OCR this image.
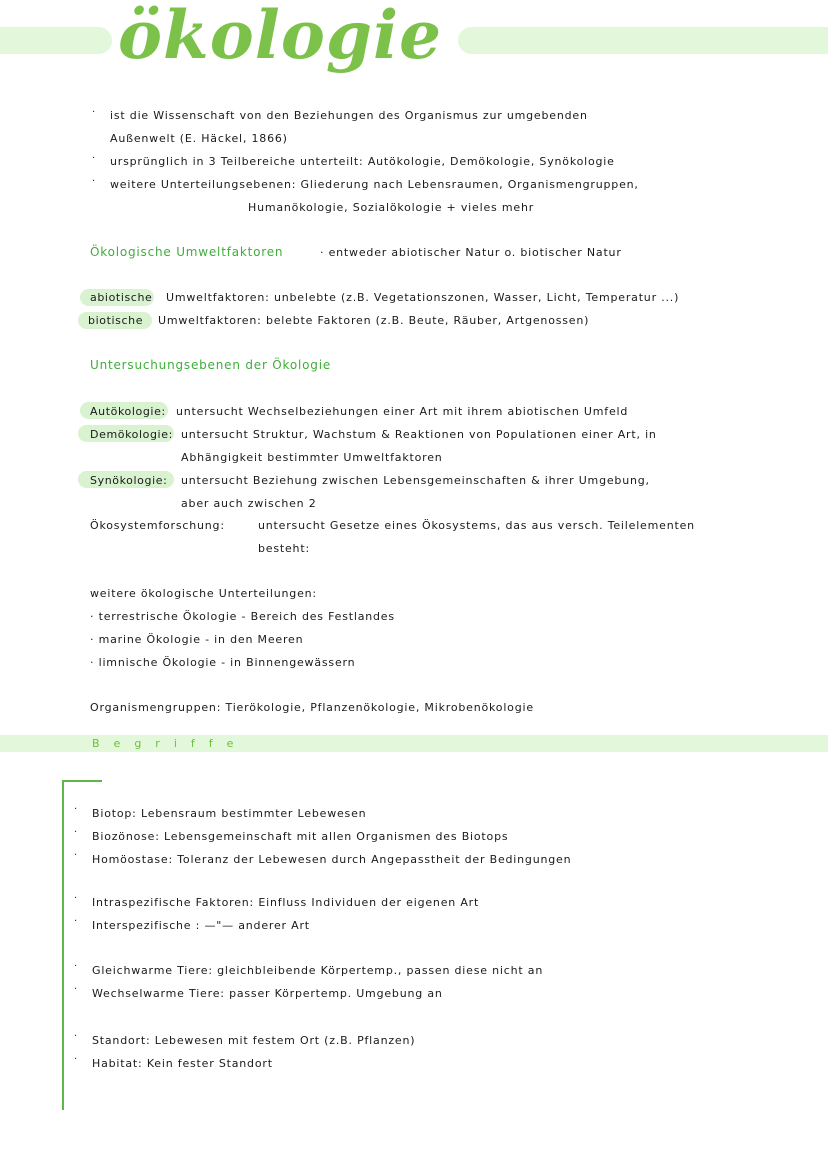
ökologie
· ist die Wissenschaft von den Beziehungen des Organismus zur umgebenden
Außenwelt (E. Häckel, 1866)
· ursprünglich in 3 Teilbereiche unterteilt: Autökologie, Demökologie, Synökologie
· weitere Unterteilungsebenen: Gliederung nach Lebensraumen, Organismengruppen,
Humanökologie, Sozialökologie + vieles mehr
Ökologische Umweltfaktoren	· entweder abiotischer Natur o. biotischer Natur
abiotische Umweltfaktoren: unbelebte (z.B. Vegetationszonen, Wasser, Licht, Temperatur ...)
biotische Umweltfaktoren: belebte Faktoren (z.B. Beute, Räuber, Artgenossen)
Untersuchungsebenen der Ökologie
Autökologie: untersucht Wechselbeziehungen einer Art mit ihrem abiotischen Umfeld
Demökologie: untersucht Struktur, Wachstum & Reaktionen von Populationen einer Art, in
Abhängigkeit bestimmter Umweltfaktoren
Synökologie: untersucht Beziehung zwischen Lebensgemeinschaften & ihrer Umgebung,
aber auch zwischen 2
Ökosystemforschung:	untersucht Gesetze eines Ökosystems, das aus versch. Teilelementen
besteht:
weitere ökologische Unterteilungen:
· terrestrische Ökologie - Bereich des Festlandes
· marine Ökologie - in den Meeren
· limnische Ökologie - in Binnengewässern
Organismengruppen: Tierökologie, Pflanzenökologie, Mikrobenökologie
Begriffe
· Biotop: Lebensraum bestimmter Lebewesen
· Biozönose: Lebensgemeinschaft mit allen Organismen des Biotops
· Homöostase: Toleranz der Lebewesen durch Angepasstheit der Bedingungen
· Intraspezifische Faktoren: Einfluss Individuen der eigenen Art
· Interspezifische : —"— anderer Art
· Gleichwarme Tiere: gleichbleibende Körpertemp., passen diese nicht an
· Wechselwarme Tiere: passer Körpertemp. Umgebung an
· Standort: Lebewesen mit festem Ort (z.B. Pflanzen)
· Habitat: Kein fester Standort
